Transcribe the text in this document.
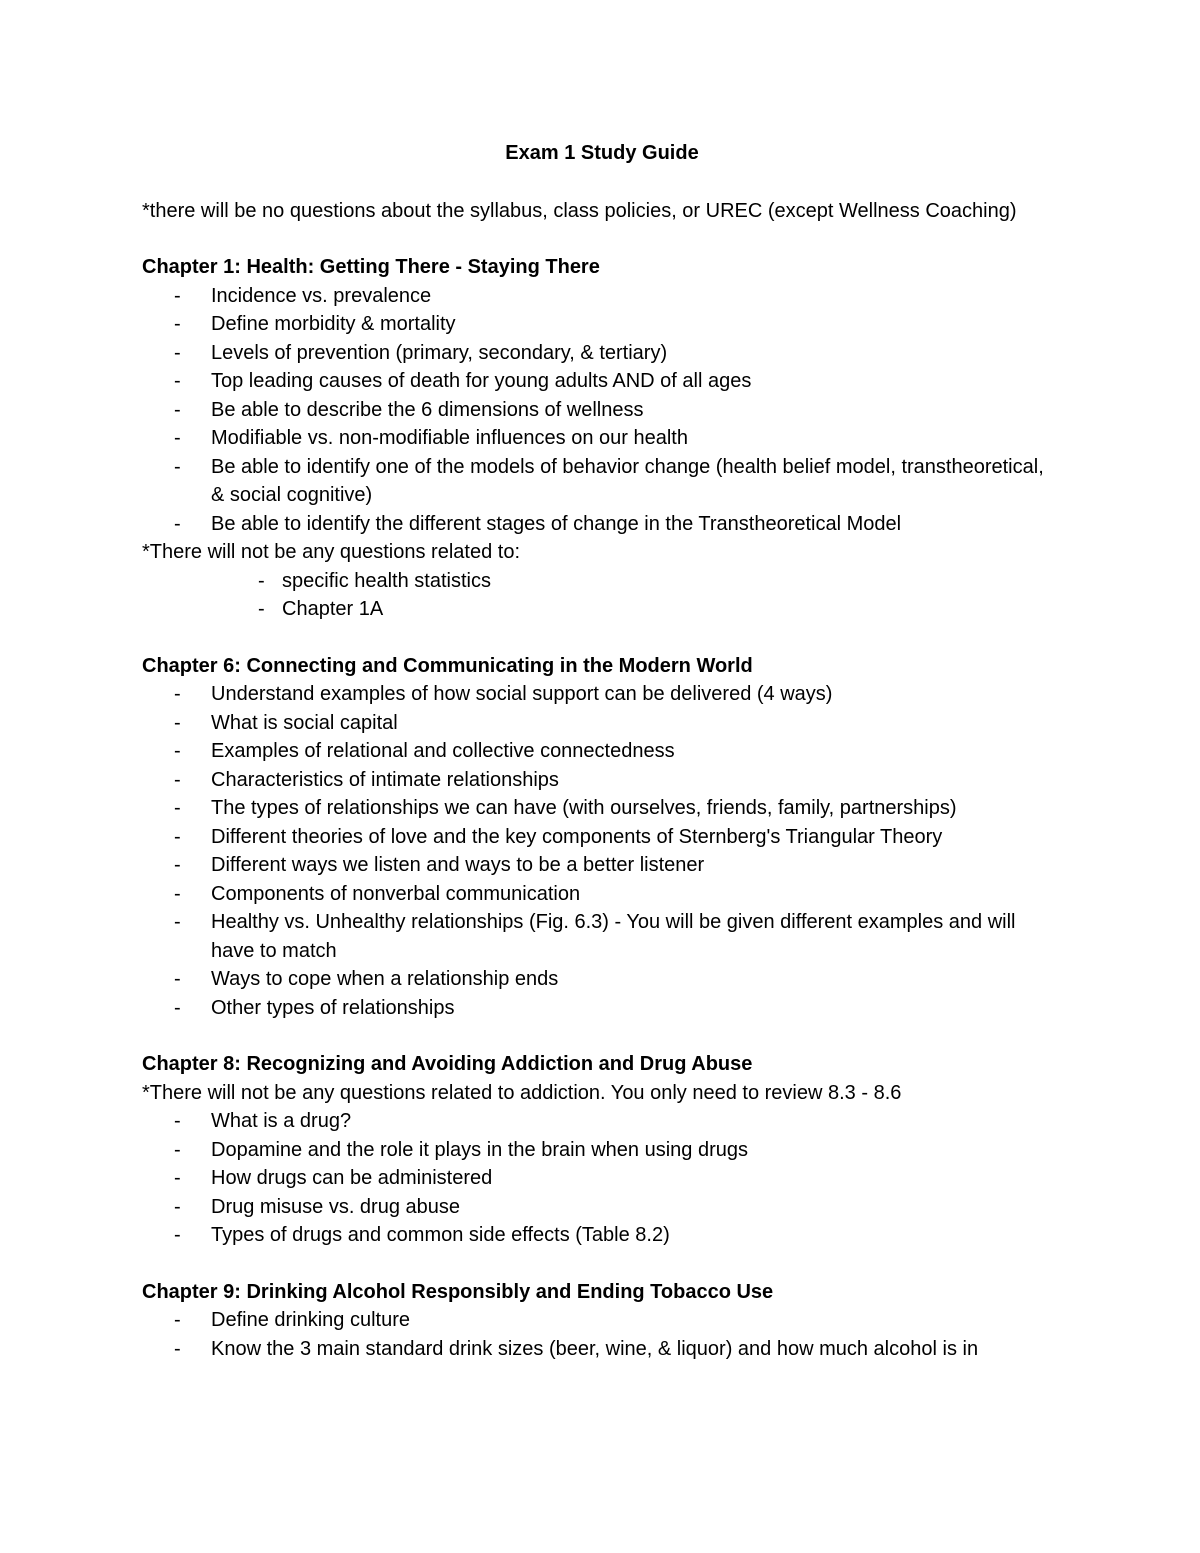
Exam 1 Study Guide

*there will be no questions about the syllabus, class policies, or UREC (except Wellness Coaching)

Chapter 1: Health: Getting There - Staying There

- Incidence vs. prevalence
- Define morbidity & mortality
- Levels of prevention (primary, secondary, & tertiary)
- Top leading causes of death for young adults AND of all ages
- Be able to describe the 6 dimensions of wellness
- Modifiable vs. non-modifiable influences on our health
- Be able to identify one of the models of behavior change (health belief model, transtheoretical, & social cognitive)
- Be able to identify the different stages of change in the Transtheoretical Model

*There will not be any questions related to:

- specific health statistics
- Chapter 1A

Chapter 6: Connecting and Communicating in the Modern World

- Understand examples of how social support can be delivered (4 ways)
- What is social capital
- Examples of relational and collective connectedness
- Characteristics of intimate relationships
- The types of relationships we can have (with ourselves, friends, family, partnerships)
- Different theories of love and the key components of Sternberg's Triangular Theory
- Different ways we listen and ways to be a better listener
- Components of nonverbal communication
- Healthy vs. Unhealthy relationships (Fig. 6.3) - You will be given different examples and will have to match
- Ways to cope when a relationship ends
- Other types of relationships

Chapter 8: Recognizing and Avoiding Addiction and Drug Abuse

*There will not be any questions related to addiction. You only need to review 8.3 - 8.6

- What is a drug?
- Dopamine and the role it plays in the brain when using drugs
- How drugs can be administered
- Drug misuse vs. drug abuse
- Types of drugs and common side effects (Table 8.2)

Chapter 9: Drinking Alcohol Responsibly and Ending Tobacco Use

- Define drinking culture
- Know the 3 main standard drink sizes (beer, wine, & liquor) and how much alcohol is in
